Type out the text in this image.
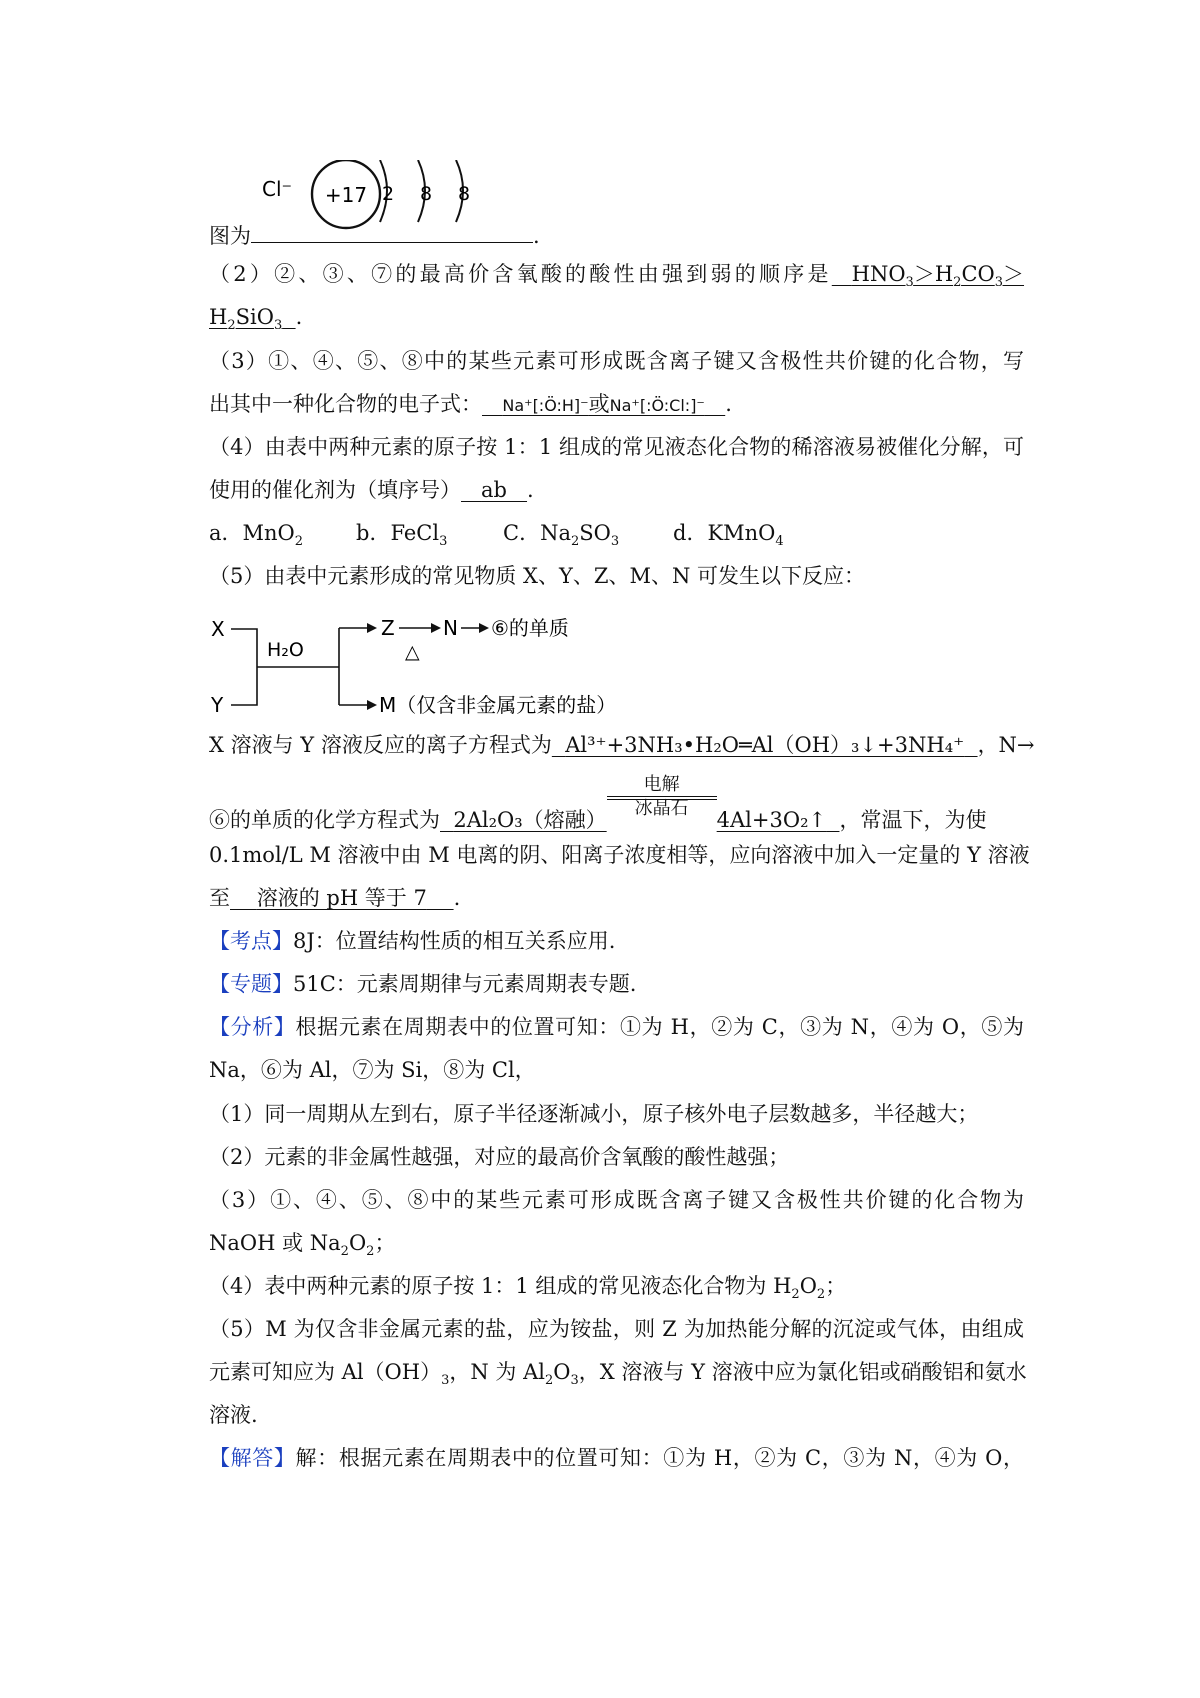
图为	.
Cl⁻ +17 2 8 8
（2）②、③、⑦的最高价含氧酸的酸性由强到弱的顺序是 $HNO_3>H_2CO_3>$
$H_2SiO_3$ .
（3）①、④、⑤、⑧中的某些元素可形成既含离子键又含极性共价键的化合物，写
出其中一种化合物的电子式： Na⁺[:Ö:H]⁻或Na⁺[:Ö:Cl:]⁻ .
（4）由表中两种元素的原子按 1：1 组成的常见液态化合物的稀溶液易被催化分解，可
使用的催化剂为（填序号） ab .
a．MnO$_2$	b．FeCl$_3$	C．$Na_2SO_3$	d．KMnO$_4$
（5）由表中元素形成的常见物质 X、Y、Z、M、N 可发生以下反应：
X
Y
H₂O
Z
△
N ⑥的单质
M（仅含非金属元素的盐）
X 溶液与 Y 溶液反应的离子方程式为 Al³⁺+3NH₃•H₂O═Al（OH）₃↓+3NH₄⁺ ，N→
⑥的单质的化学方程式为 2Al₂O₃（熔融）
电解
冰晶石	4Al+3O₂↑ ，常温下，为使
0.1mol/L M 溶液中由 M 电离的阴、阳离子浓度相等，应向溶液中加入一定量的 Y 溶液
至 溶液的 pH 等于 7 .
【考点】8J：位置结构性质的相互关系应用.
【专题】51C：元素周期律与元素周期表专题.
【分析】根据元素在周期表中的位置可知：①为 H，②为 C，③为 N，④为 O，⑤为
Na，⑥为 Al，⑦为 Si，⑧为 Cl，
（1）同一周期从左到右，原子半径逐渐减小，原子核外电子层数越多，半径越大；
（2）元素的非金属性越强，对应的最高价含氧酸的酸性越强；
（3）①、④、⑤、⑧中的某些元素可形成既含离子键又含极性共价键的化合物为
NaOH 或 $Na_2O_2$；
（4）表中两种元素的原子按 1：1 组成的常见液态化合物为 $H_2O_2$；
（5）M 为仅含非金属元素的盐，应为铵盐，则 Z 为加热能分解的沉淀或气体，由组成
元素可知应为 $Al(OH)_3$，N 为 $Al_2O_3$，X 溶液与 Y 溶液中应为氯化铝或硝酸铝和氨水
溶液.
【解答】解：根据元素在周期表中的位置可知：①为 H，②为 C，③为 N，④为 O，
